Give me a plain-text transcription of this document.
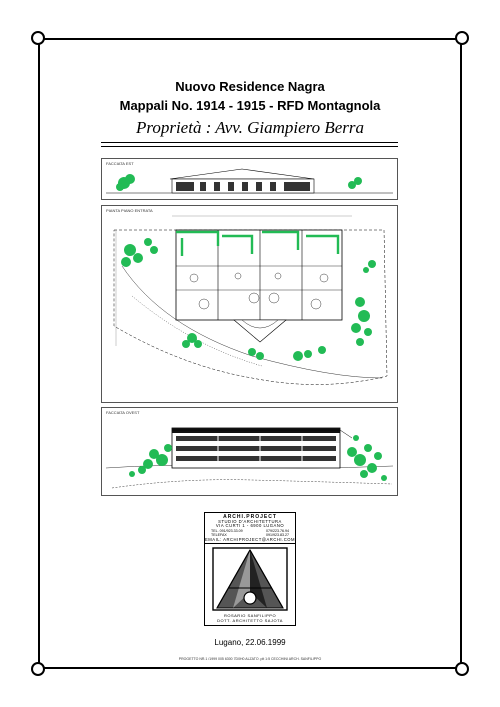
Nuovo Residence Nagra
Mappali No. 1914 - 1915 - RFD Montagnola
Proprietà : Avv. Giampiero Berra
FACCIATA EST
PIANTA PIANO ENTRATA
FACCIATA OVEST
ARCHI.PROJECT
STUDIO D'ARCHITETTURA
VIA CURTI 1 - 6900 LUGANO
TEL. 091/923.33.09	079/223.76.94
TELEFAX	091/923.83.27
EMAIL: ARCHIPROJECT@ARCHI.COM
ROSARIO SANFILIPPO
DOTT. ARCHITETTO SAJOTA
Lugano, 22.06.1999
PROGETTO NR.1 /1999 005 6300 7D0H0 ALZATO .plt 1:5 CECCHINI ARCH. SANFILIPPO
